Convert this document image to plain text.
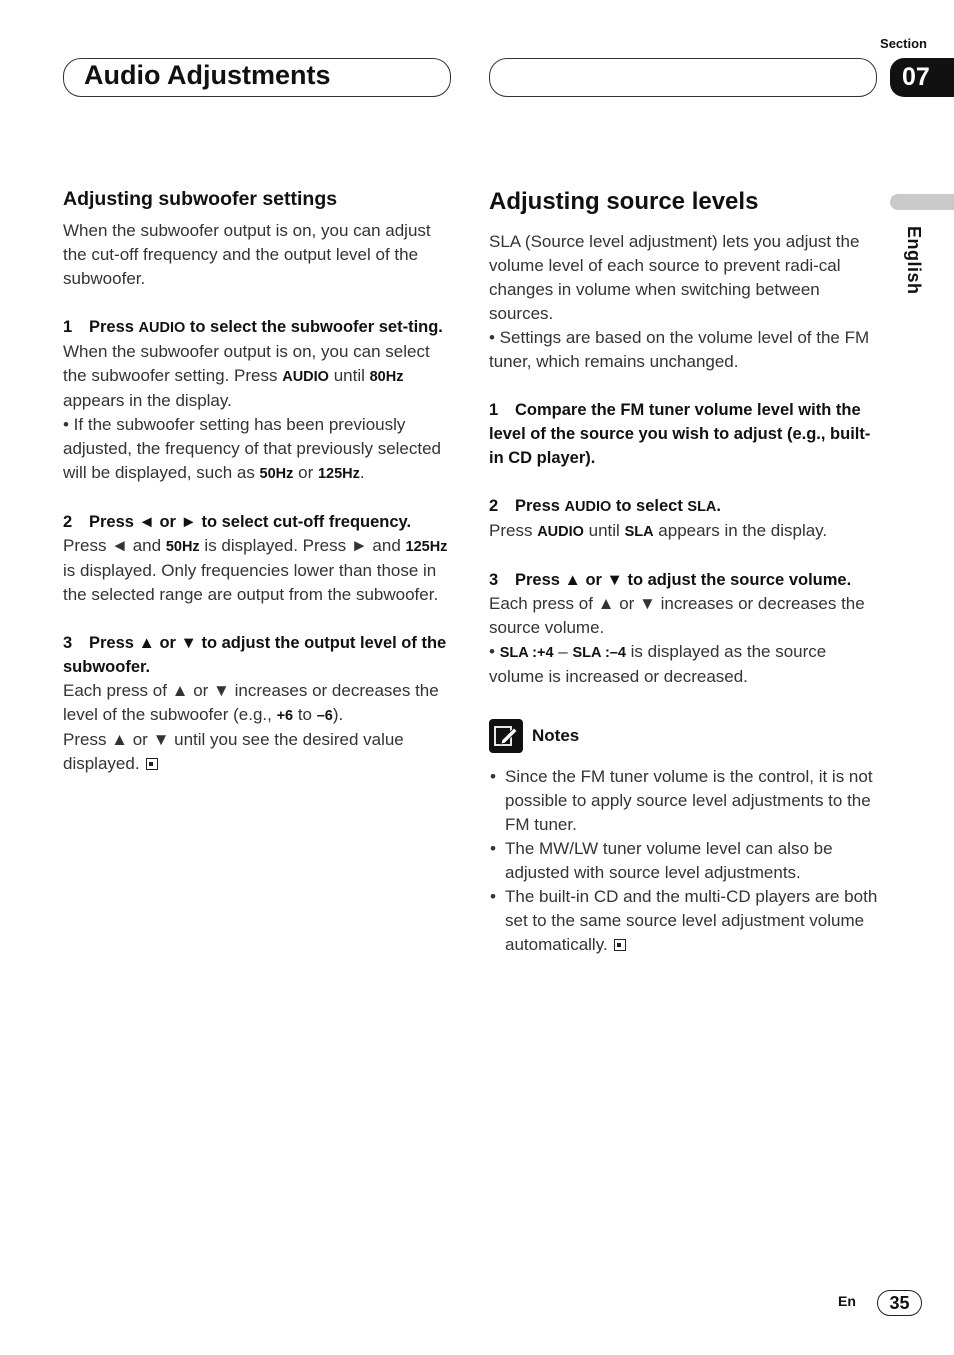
Audio Adjustments
Section
07
English
Adjusting subwoofer settings

When the subwoofer output is on, you can adjust the cut-off frequency and the output level of the subwoofer.

1 Press AUDIO to select the subwoofer set-ting.

When the subwoofer output is on, you can select the subwoofer setting. Press AUDIO until 80Hz appears in the display.

• If the subwoofer setting has been previously adjusted, the frequency of that previously selected will be displayed, such as 50Hz or 125Hz.

2 Press ◄ or ► to select cut-off frequency.

Press ◄ and 50Hz is displayed. Press ► and 125Hz is displayed. Only frequencies lower than those in the selected range are output from the subwoofer.

3 Press ▲ or ▼ to adjust the output level of the subwoofer.

Each press of ▲ or ▼ increases or decreases the level of the subwoofer (e.g., +6 to –6).

Press ▲ or ▼ until you see the desired value displayed.

Adjusting source levels

SLA (Source level adjustment) lets you adjust the volume level of each source to prevent radi-cal changes in volume when switching between sources.

• Settings are based on the volume level of the FM tuner, which remains unchanged.

1 Compare the FM tuner volume level with the level of the source you wish to adjust (e.g., built-in CD player).
2 Press AUDIO to select SLA.

Press AUDIO until SLA appears in the display.

3 Press ▲ or ▼ to adjust the source volume.

Each press of ▲ or ▼ increases or decreases the source volume.

• SLA :+4 – SLA :–4 is displayed as the source volume is increased or decreased.

Notes
• Since the FM tuner volume is the control, it is not possible to apply source level adjustments to the FM tuner.
• The MW/LW tuner volume level can also be adjusted with source level adjustments.
• The built-in CD and the multi-CD players are both set to the same source level adjustment volume automatically.
En	35
